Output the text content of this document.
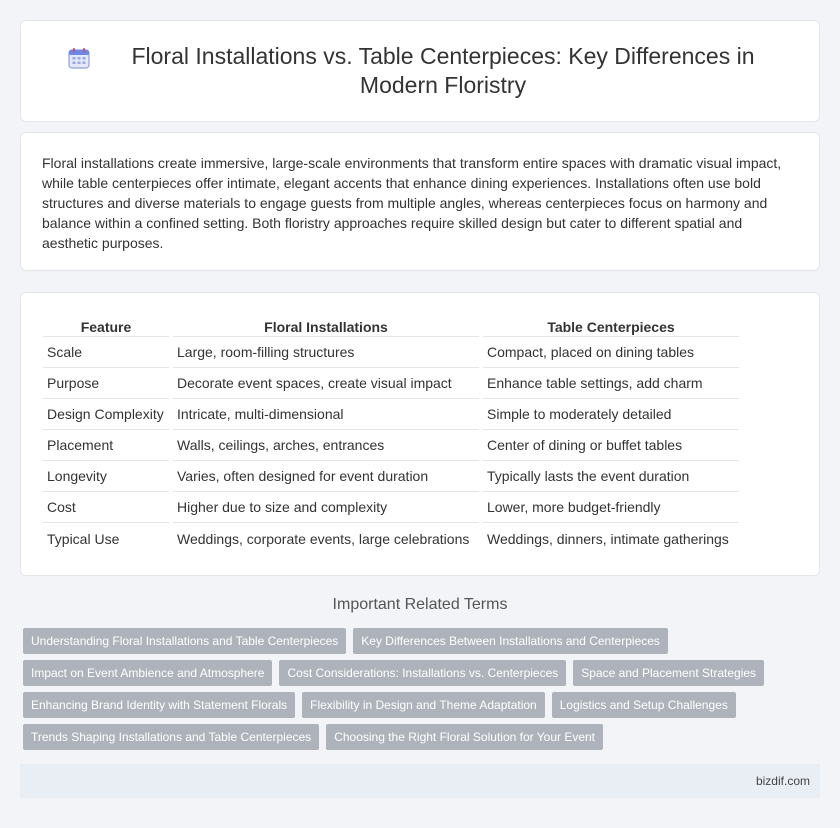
Floral Installations vs. Table Centerpieces: Key Differences in Modern Floristry

Floral installations create immersive, large-scale environments that transform entire spaces with dramatic visual impact, while table centerpieces offer intimate, elegant accents that enhance dining experiences. Installations often use bold structures and diverse materials to engage guests from multiple angles, whereas centerpieces focus on harmony and balance within a confined setting. Both floristry approaches require skilled design but cater to different spatial and aesthetic purposes.

Feature	Floral Installations	Table Centerpieces
Scale	Large, room-filling structures	Compact, placed on dining tables
Purpose	Decorate event spaces, create visual impact	Enhance table settings, add charm
Design Complexity	Intricate, multi-dimensional	Simple to moderately detailed
Placement	Walls, ceilings, arches, entrances	Center of dining or buffet tables
Longevity	Varies, often designed for event duration	Typically lasts the event duration
Cost	Higher due to size and complexity	Lower, more budget-friendly
Typical Use	Weddings, corporate events, large celebrations	Weddings, dinners, intimate gatherings
Important Related Terms
Understanding Floral Installations and Table Centerpieces	Key Differences Between Installations and Centerpieces
Impact on Event Ambience and Atmosphere	Cost Considerations: Installations vs. Centerpieces	Space and Placement Strategies
Enhancing Brand Identity with Statement Florals	Flexibility in Design and Theme Adaptation	Logistics and Setup Challenges
Trends Shaping Installations and Table Centerpieces	Choosing the Right Floral Solution for Your Event
bizdif.com
